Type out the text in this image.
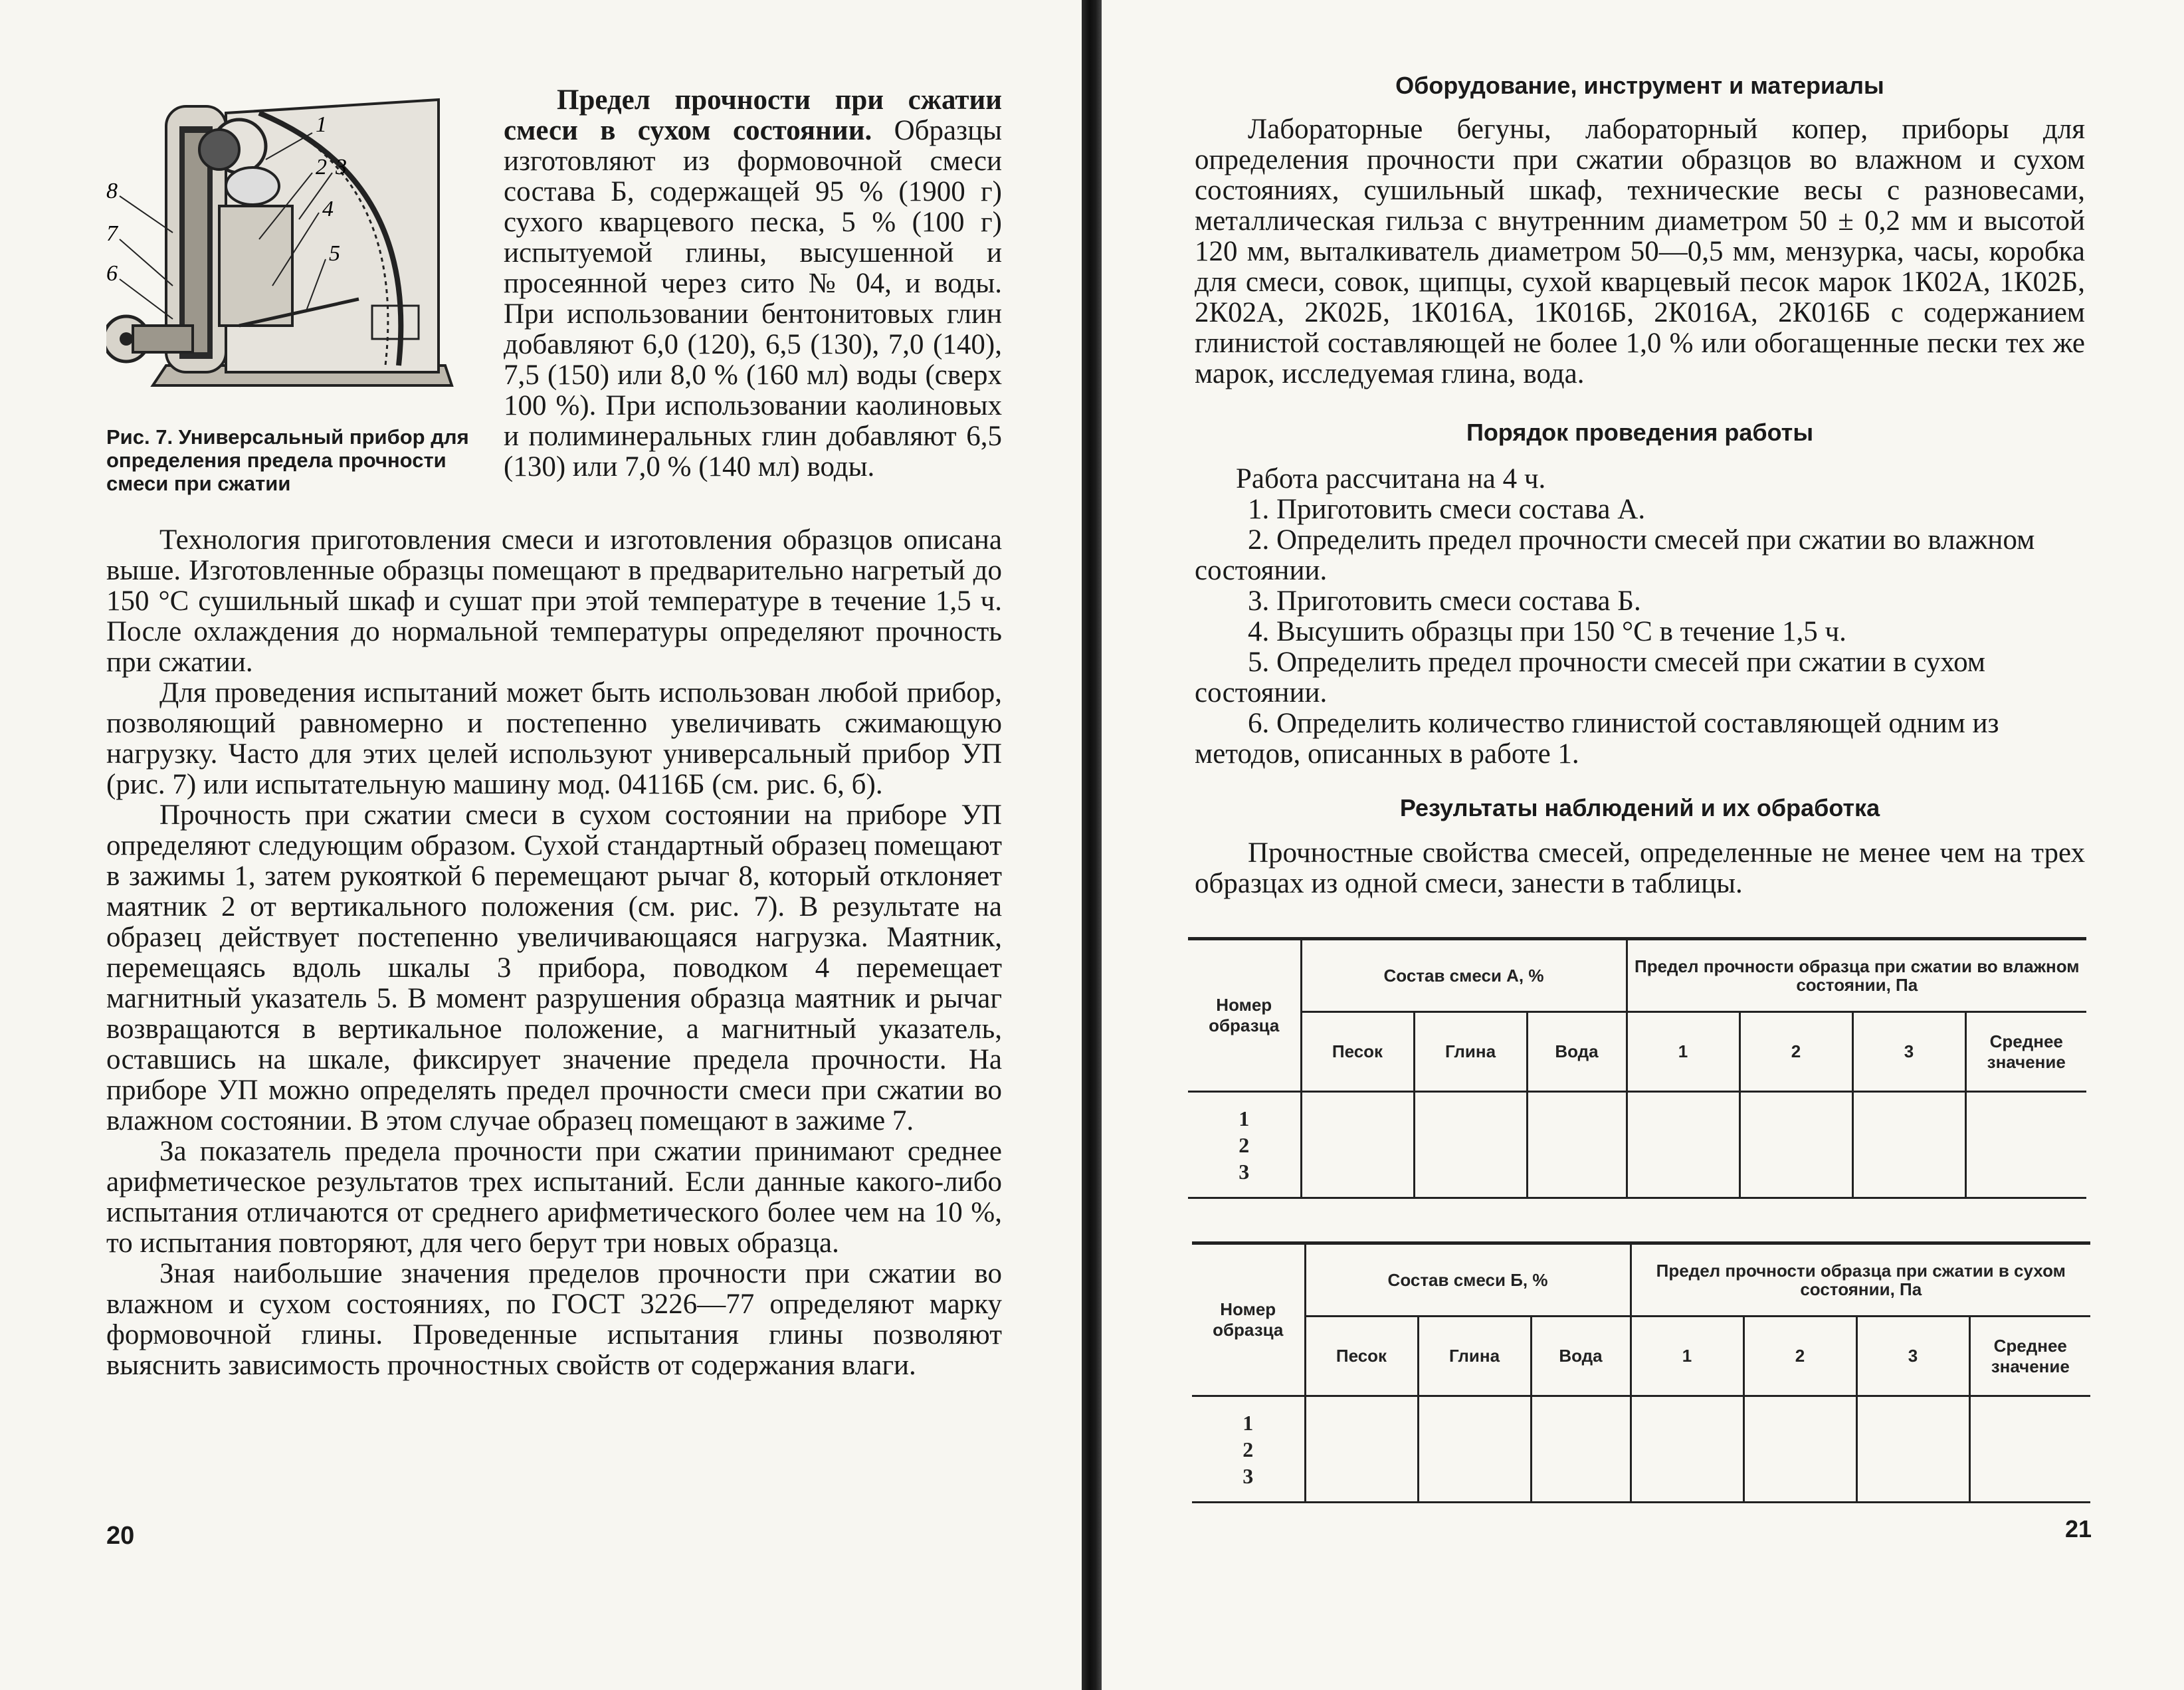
1
2 3
4
5
6
7
8
Рис. 7. Универсальный прибор для определения предела прочности смеси при сжатии

Предел прочности при сжатии смеси в сухом состоянии. Образцы изготовляют из формовочной смеси состава Б, содержащей 95 % (1900 г) сухого кварцевого песка, 5 % (100 г) испытуемой глины, высушенной и просеянной через сито № 04, и воды. При использовании бентонитовых глин добавляют 6,0 (120), 6,5 (130), 7,0 (140), 7,5 (150) или 8,0 % (160 мл) воды (сверх 100 %). При использовании каолиновых и полиминеральных глин добавляют 6,5 (130) или 7,0 % (140 мл) воды.

Технология приготовления смеси и изготовления образцов описана выше. Изготовленные образцы помещают в предварительно нагретый до 150 °С сушильный шкаф и сушат при этой температуре в течение 1,5 ч. После охлаждения до нормальной температуры определяют прочность при сжатии.

Для проведения испытаний может быть использован любой прибор, позволяющий равномерно и постепенно увеличивать сжимающую нагрузку. Часто для этих целей используют универсальный прибор УП (рис. 7) или испытательную машину мод. 04116Б (см. рис. 6, б).

Прочность при сжатии смеси в сухом состоянии на приборе УП определяют следующим образом. Сухой стандартный образец помещают в зажимы 1, затем рукояткой 6 перемещают рычаг 8, который отклоняет маятник 2 от вертикального положения (см. рис. 7). В результате на образец действует постепенно увеличивающаяся нагрузка. Маятник, перемещаясь вдоль шкалы 3 прибора, поводком 4 перемещает магнитный указатель 5. В момент разрушения образца маятник и рычаг возвращаются в вертикальное положение, а магнитный указатель, оставшись на шкале, фиксирует значение предела прочности. На приборе УП можно определять предел прочности смеси при сжатии во влажном состоянии. В этом случае образец помещают в зажиме 7.

За показатель предела прочности при сжатии принимают среднее арифметическое результатов трех испытаний. Если данные какого-либо испытания отличаются от среднего арифметического более чем на 10 %, то испытания повторяют, для чего берут три новых образца.

Зная наибольшие значения пределов прочности при сжатии во влажном и сухом состояниях, по ГОСТ 3226—77 определяют марку формовочной глины. Проведенные испытания глины позволяют выяснить зависимость прочностных свойств от содержания влаги.

20
Оборудование, инструмент и материалы

Лабораторные бегуны, лабораторный копер, приборы для определения прочности при сжатии образцов во влажном и сухом состояниях, сушильный шкаф, технические весы с разновесами, металлическая гильза с внутренним диаметром 50 ± 0,2 мм и высотой 120 мм, выталкиватель диаметром 50—0,5 мм, мензурка, часы, коробка для смеси, совок, щипцы, сухой кварцевый песок марок 1К02А, 1К02Б, 2К02А, 2К02Б, 1К016А, 1К016Б, 2К016А, 2К016Б с содержанием глинистой составляющей не более 1,0 % или обогащенные пески тех же марок, исследуемая глина, вода.

Порядок проведения работы

Работа рассчитана на 4 ч.

1. Приготовить смеси состава А.

2. Определить предел прочности смесей при сжатии во влажном состоянии.

3. Приготовить смеси состава Б.

4. Высушить образцы при 150 °С в течение 1,5 ч.

5. Определить предел прочности смесей при сжатии в сухом состоянии.

6. Определить количество глинистой составляющей одним из методов, описанных в работе 1.

Результаты наблюдений и их обработка

Прочностные свойства смесей, определенные не менее чем на трех образцах из одной смеси, занести в таблицы.

Номер образца	Состав смеси А, %			Предел прочности образца при сжатии во влажном состоянии, Па			
	Песок	Глина	Вода	1	2	3	Среднее значение
1
2
3							
Номер образца	Состав смеси Б, %			Предел прочности образца при сжатии в сухом состоянии, Па			
	Песок	Глина	Вода	1	2	3	Среднее значение
1
2
3							
21
